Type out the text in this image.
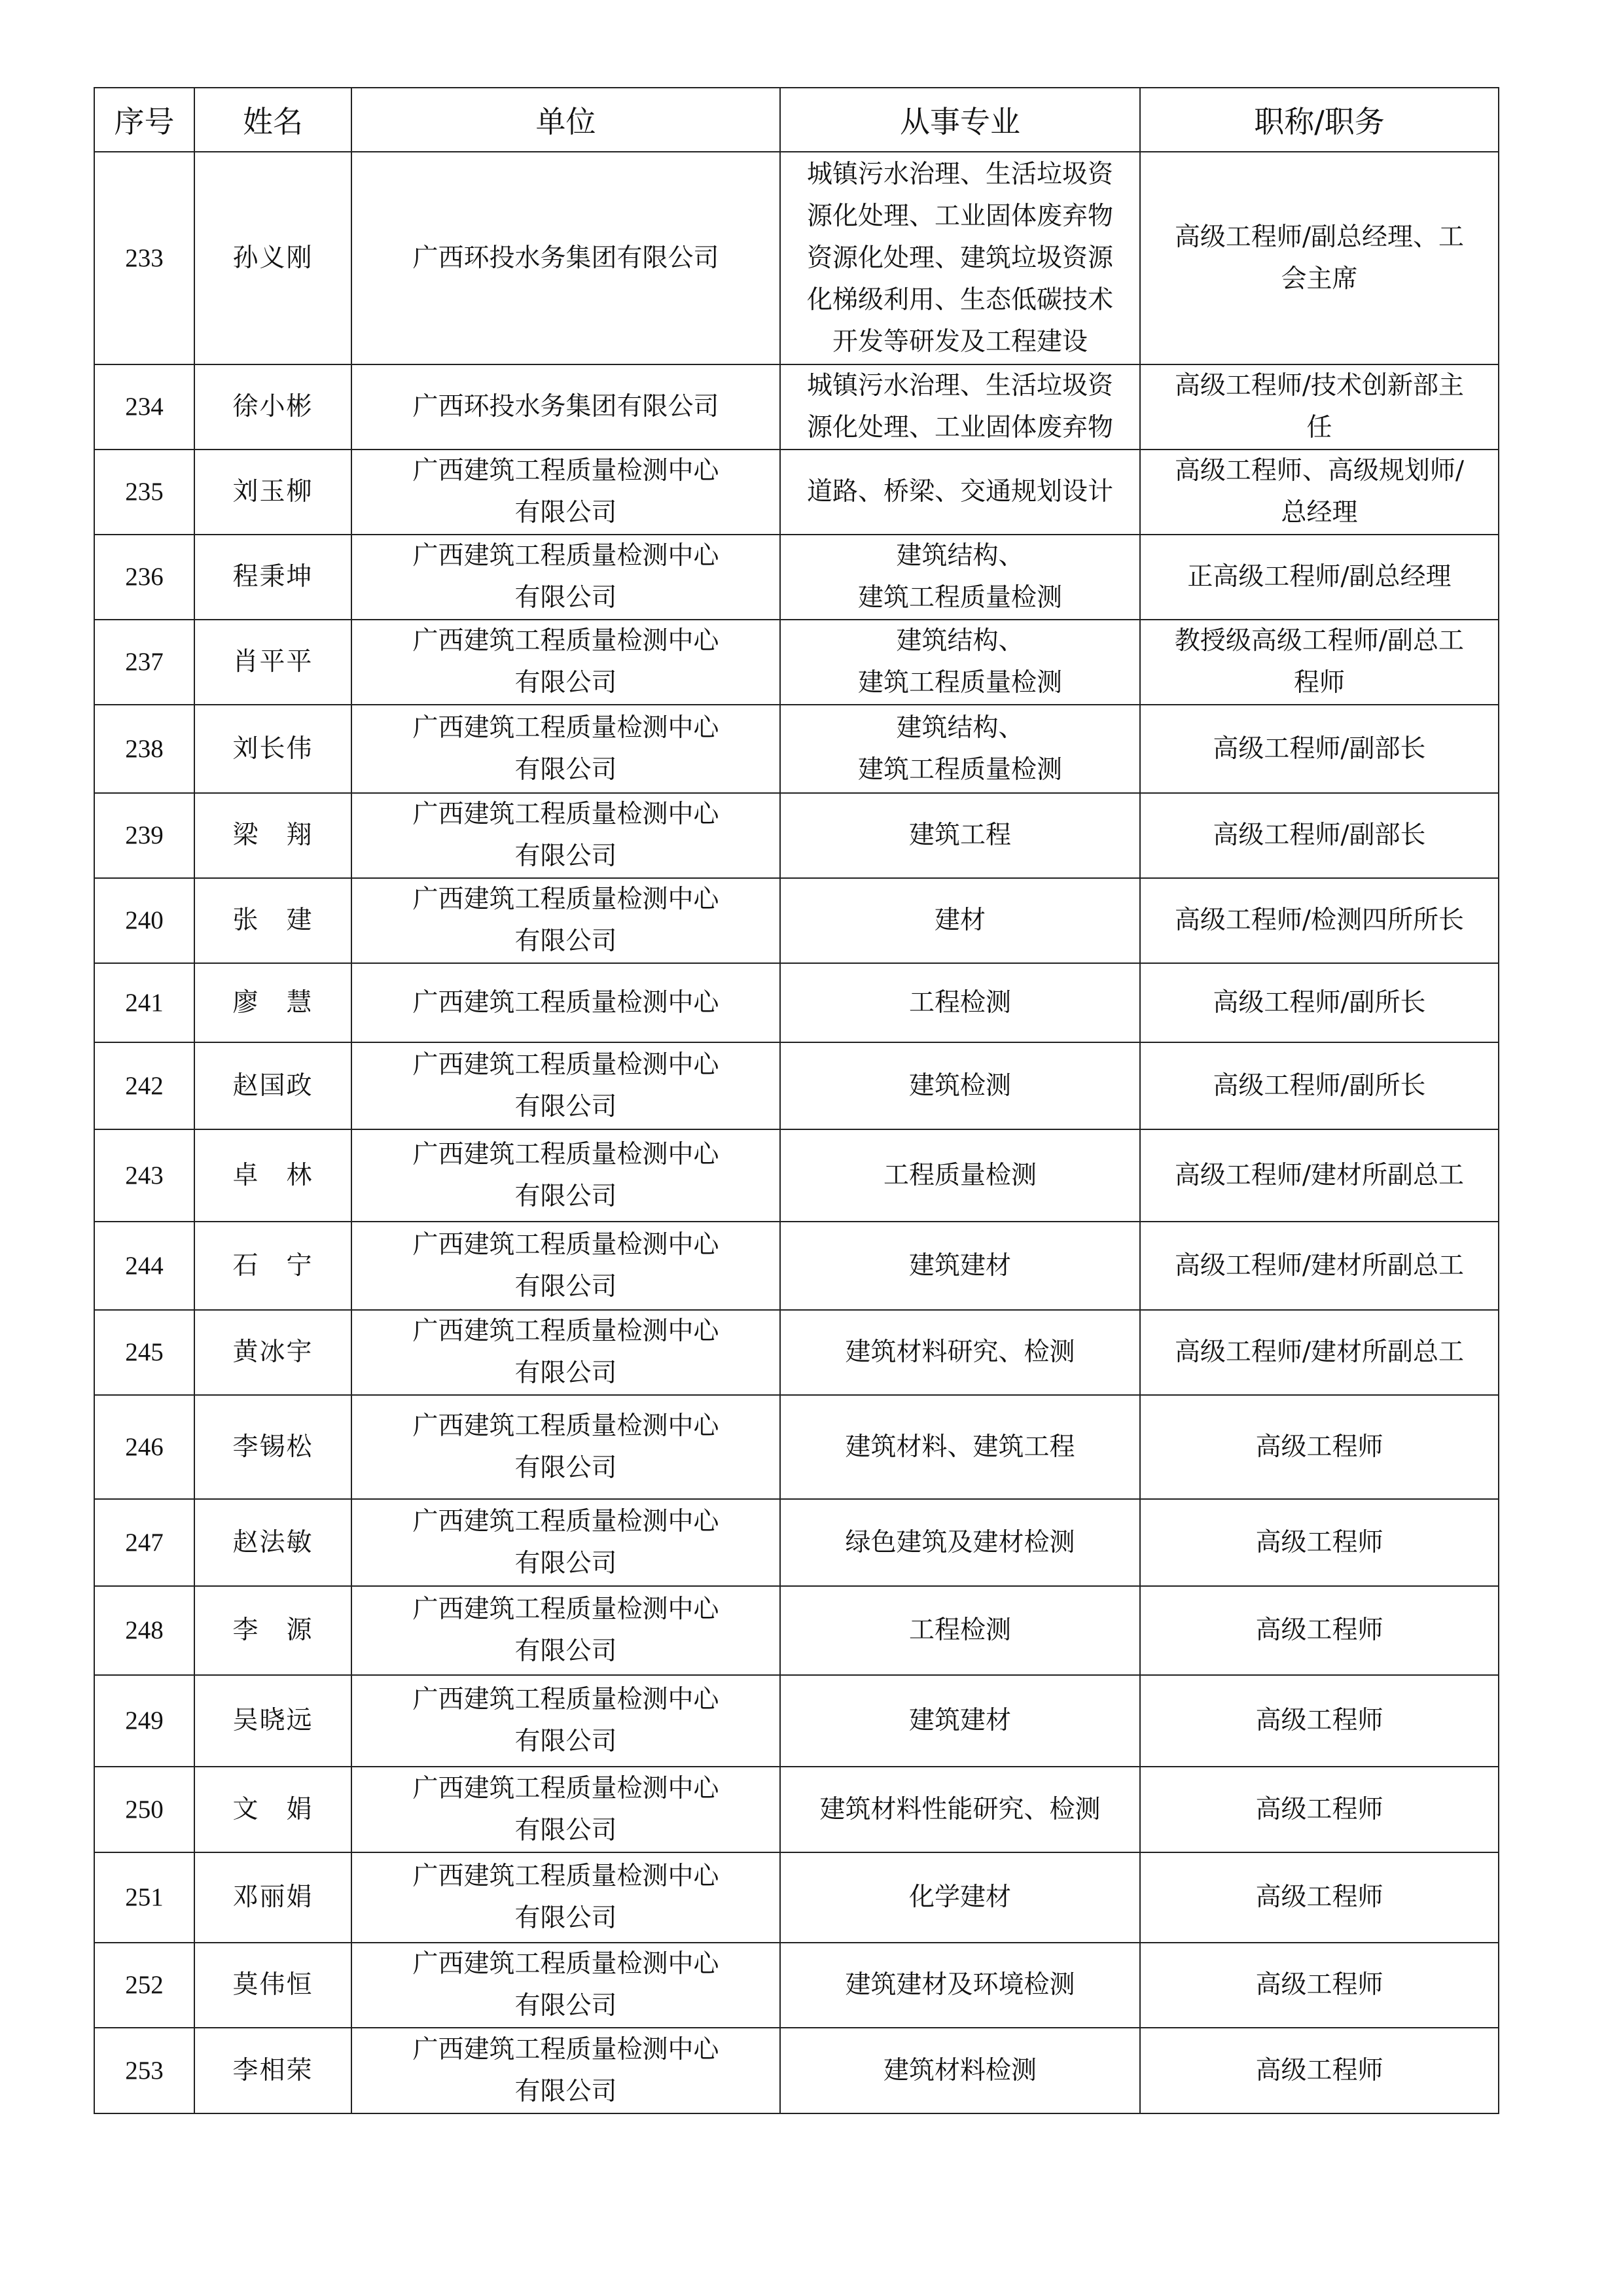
序号	姓名	单位	从事专业	职称/职务

233	孙义刚	广西环投水务集团有限公司	城镇污水治理、生活垃圾资
源化处理、工业固体废弃物
资源化处理、建筑垃圾资源
化梯级利用、生态低碳技术
开发等研发及工程建设	高级工程师/副总经理、工
会主席

234	徐小彬	广西环投水务集团有限公司	城镇污水治理、生活垃圾资
源化处理、工业固体废弃物	高级工程师/技术创新部主
任

235	刘玉柳	广西建筑工程质量检测中心
有限公司	道路、桥梁、交通规划设计	高级工程师、高级规划师/
总经理

236	程秉坤	广西建筑工程质量检测中心
有限公司	建筑结构、
建筑工程质量检测	正高级工程师/副总经理

237	肖平平	广西建筑工程质量检测中心
有限公司	建筑结构、
建筑工程质量检测	教授级高级工程师/副总工
程师

238	刘长伟	广西建筑工程质量检测中心
有限公司	建筑结构、
建筑工程质量检测	高级工程师/副部长

239	梁　翔	广西建筑工程质量检测中心
有限公司	建筑工程	高级工程师/副部长

240	张　建	广西建筑工程质量检测中心
有限公司	建材	高级工程师/检测四所所长

241	廖　慧	广西建筑工程质量检测中心	工程检测	高级工程师/副所长

242	赵国政	广西建筑工程质量检测中心
有限公司	建筑检测	高级工程师/副所长

243	卓　林	广西建筑工程质量检测中心
有限公司	工程质量检测	高级工程师/建材所副总工

244	石　宁	广西建筑工程质量检测中心
有限公司	建筑建材	高级工程师/建材所副总工

245	黄冰宇	广西建筑工程质量检测中心
有限公司	建筑材料研究、检测	高级工程师/建材所副总工

246	李锡松	广西建筑工程质量检测中心
有限公司	建筑材料、建筑工程	高级工程师

247	赵法敏	广西建筑工程质量检测中心
有限公司	绿色建筑及建材检测	高级工程师

248	李　源	广西建筑工程质量检测中心
有限公司	工程检测	高级工程师

249	吴晓远	广西建筑工程质量检测中心
有限公司	建筑建材	高级工程师

250	文　娟	广西建筑工程质量检测中心
有限公司	建筑材料性能研究、检测	高级工程师

251	邓丽娟	广西建筑工程质量检测中心
有限公司	化学建材	高级工程师

252	莫伟恒	广西建筑工程质量检测中心
有限公司	建筑建材及环境检测	高级工程师

253	李相荣	广西建筑工程质量检测中心
有限公司	建筑材料检测	高级工程师
